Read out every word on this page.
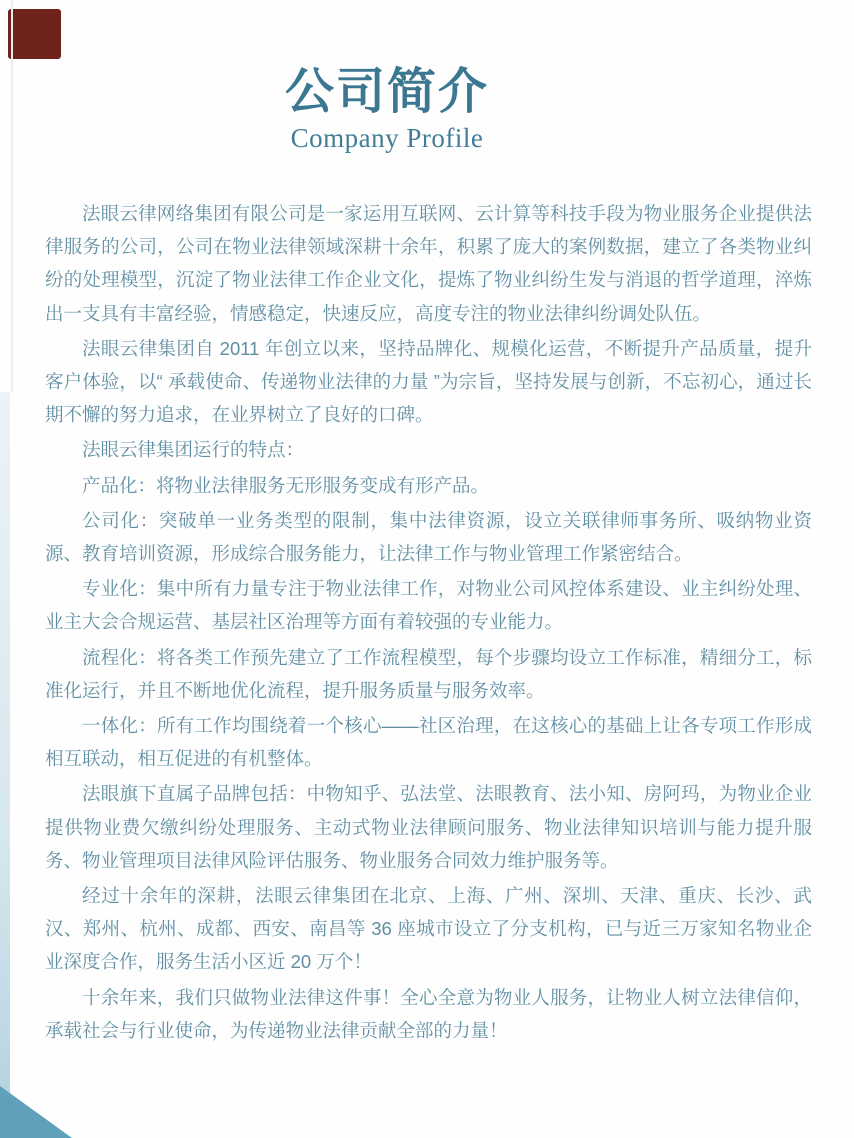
公司简介
Company Profile

法眼云律网络集团有限公司是一家运用互联网、云计算等科技手段为物业服务企业提供法律服务的公司，公司在物业法律领域深耕十余年，积累了庞大的案例数据，建立了各类物业纠纷的处理模型，沉淀了物业法律工作企业文化，提炼了物业纠纷生发与消退的哲学道理，淬炼出一支具有丰富经验，情感稳定，快速反应，高度专注的物业法律纠纷调处队伍。

法眼云律集团自 2011 年创立以来，坚持品牌化、规模化运营，不断提升产品质量，提升客户体验，以“ 承载使命、传递物业法律的力量 ”为宗旨，坚持发展与创新，不忘初心，通过长期不懈的努力追求，在业界树立了良好的口碑。

法眼云律集团运行的特点：

产品化：将物业法律服务无形服务变成有形产品。

公司化：突破单一业务类型的限制，集中法律资源，设立关联律师事务所、吸纳物业资源、教育培训资源，形成综合服务能力，让法律工作与物业管理工作紧密结合。

专业化：集中所有力量专注于物业法律工作，对物业公司风控体系建设、业主纠纷处理、业主大会合规运营、基层社区治理等方面有着较强的专业能力。

流程化：将各类工作预先建立了工作流程模型，每个步骤均设立工作标准，精细分工，标准化运行，并且不断地优化流程，提升服务质量与服务效率。

一体化：所有工作均围绕着一个核心——社区治理，在这核心的基础上让各专项工作形成相互联动，相互促进的有机整体。

法眼旗下直属子品牌包括：中物知乎、弘法堂、法眼教育、法小知、房阿玛，为物业企业提供物业费欠缴纠纷处理服务、主动式物业法律顾问服务、物业法律知识培训与能力提升服务、物业管理项目法律风险评估服务、物业服务合同效力维护服务等。

经过十余年的深耕，法眼云律集团在北京、上海、广州、深圳、天津、重庆、长沙、武汉、郑州、杭州、成都、西安、南昌等 36 座城市设立了分支机构，已与近三万家知名物业企业深度合作，服务生活小区近 20 万个！

十余年来，我们只做物业法律这件事！全心全意为物业人服务，让物业人树立法律信仰，承载社会与行业使命，为传递物业法律贡献全部的力量！
